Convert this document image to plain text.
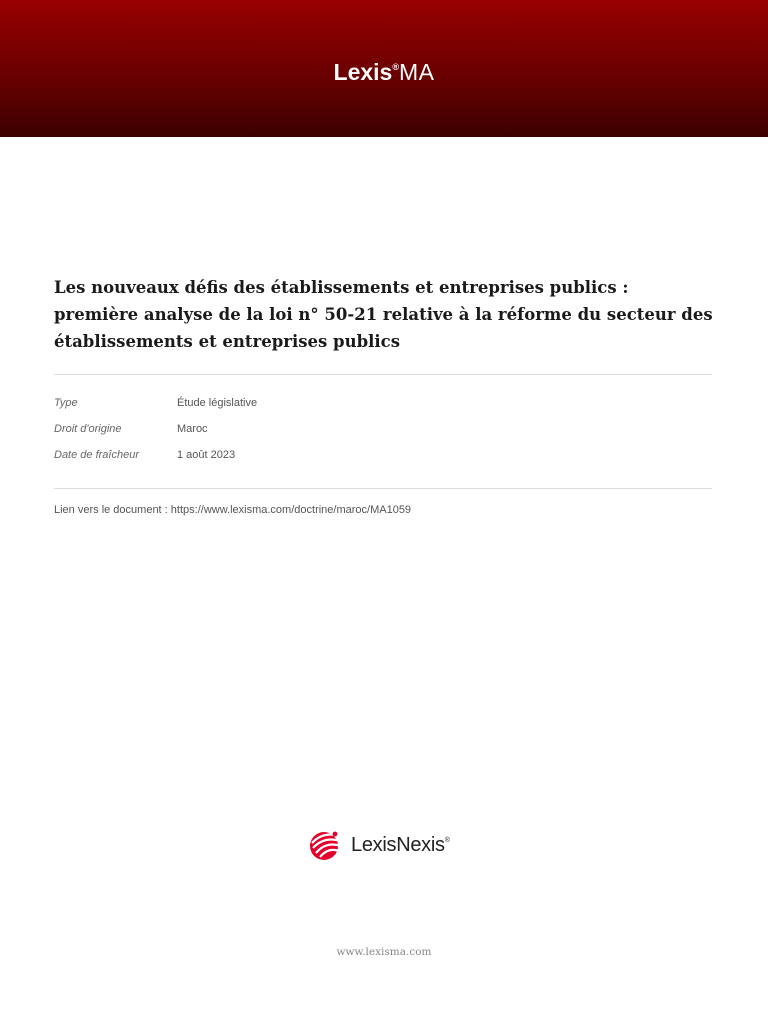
Lexis®MA
Les nouveaux défis des établissements et entreprises publics : première analyse de la loi n° 50-21 relative à la réforme du secteur des établissements et entreprises publics
Type	Étude législative
Droit d'origine	Maroc
Date de fraîcheur	1 août 2023
Lien vers le document : https://www.lexisma.com/doctrine/maroc/MA1059
LexisNexis®
www.lexisma.com
